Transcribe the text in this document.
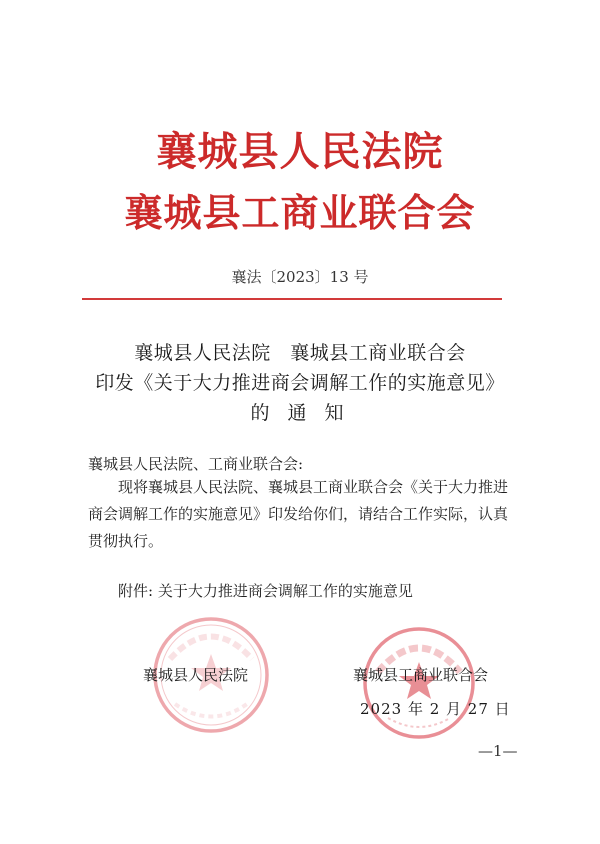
襄城县人民法院
襄城县工商业联合会
襄法〔2023〕13 号
襄城县人民法院　襄城县工商业联合会
印发《关于大力推进商会调解工作的实施意见》
的 通 知
襄城县人民法院、工商业联合会:
现将襄城县人民法院、襄城县工商业联合会《关于大力推进商会调解工作的实施意见》印发给你们，请结合工作实际，认真贯彻执行。
附件: 关于大力推进商会调解工作的实施意见
襄城县人民法院	襄城县工商业联合会
2023 年 2 月 27 日
—1—
